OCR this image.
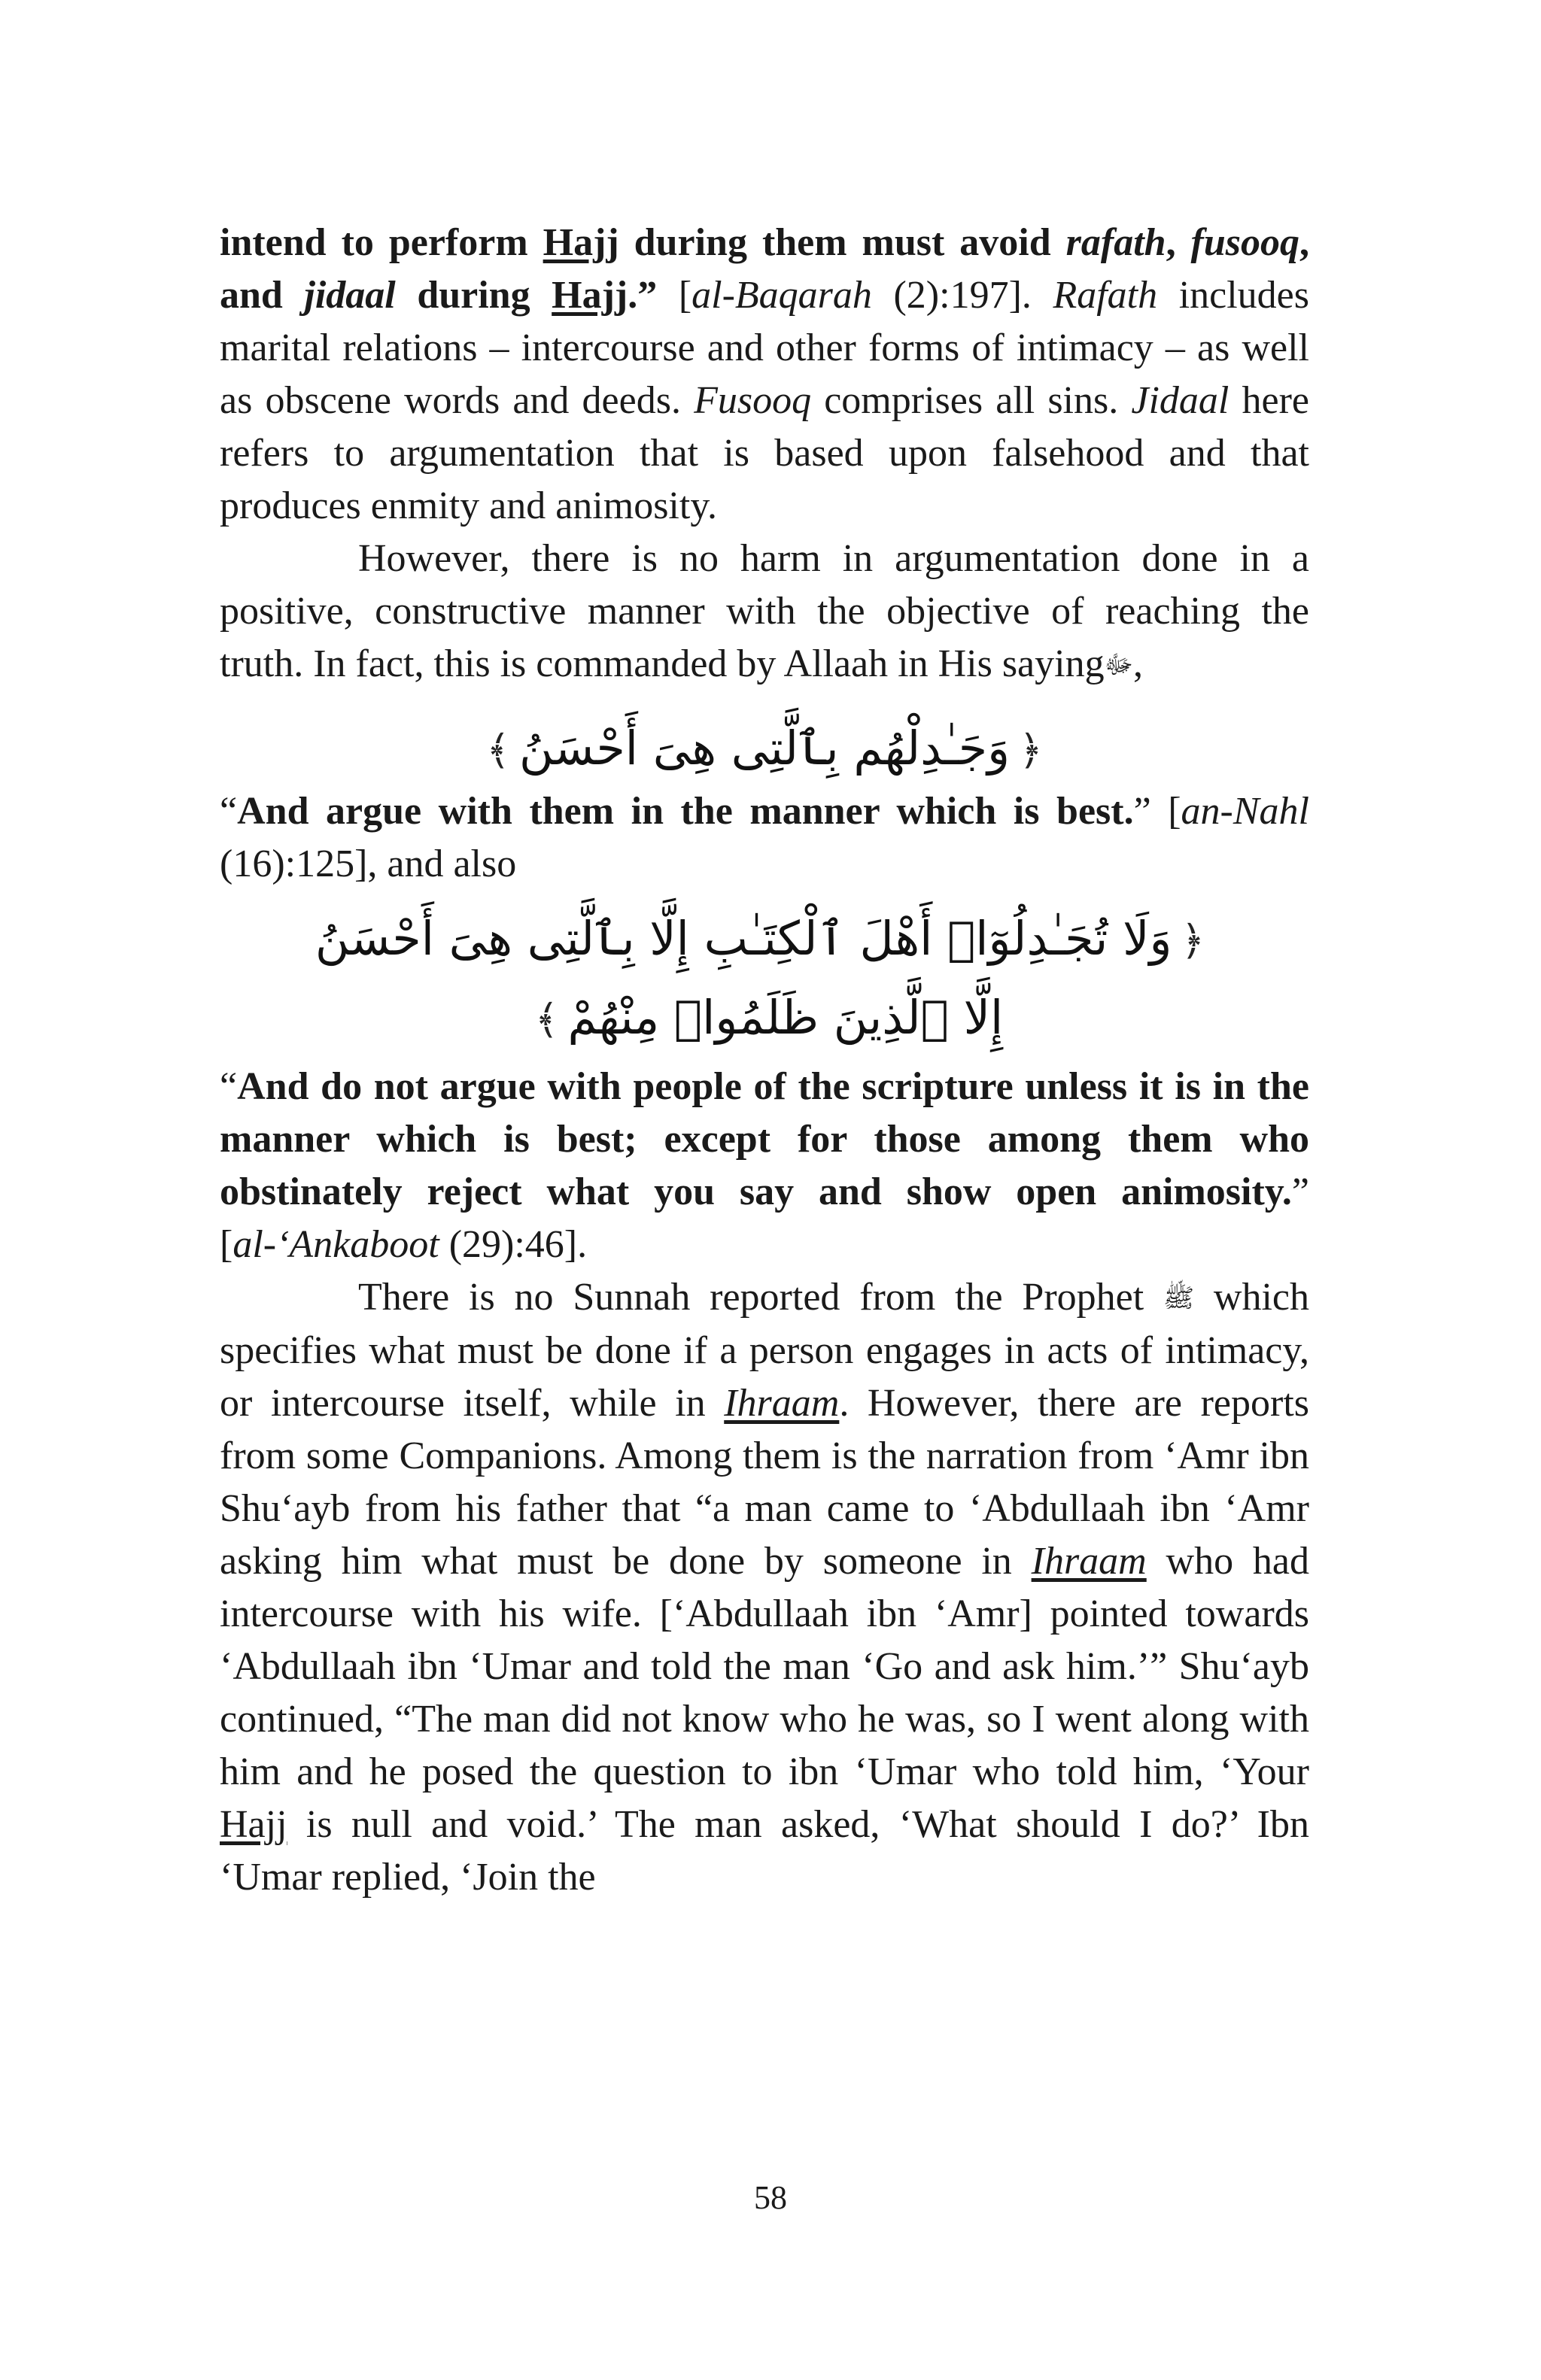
intend to perform Hajj during them must avoid rafath, fusooq, and jidaal during Hajj.” [al-Baqarah (2):197]. Rafath includes marital relations – intercourse and other forms of intimacy – as well as obscene words and deeds. Fusooq comprises all sins. Jidaal here refers to argumentation that is based upon falsehood and that produces enmity and animosity.

However, there is no harm in argumentation done in a positive, constructive manner with the objective of reaching the truth. In fact, this is commanded by Allaah in His sayingﷻ,

﴿وَجَـٰدِلْهُم بِٱلَّتِى هِىَ أَحْسَنُ﴾

“And argue with them in the manner which is best.” [an-Nahl (16):125], and also

﴿وَلَا تُجَـٰدِلُوٓا۟ أَهْلَ ٱلْكِتَـٰبِ إِلَّا بِٱلَّتِى هِىَ أَحْسَنُ
إِلَّا ٱلَّذِينَ ظَلَمُوا۟ مِنْهُمْ﴾

“And do not argue with people of the scripture unless it is in the manner which is best; except for those among them who obstinately reject what you say and show open animosity.” [al-‘Ankaboot (29):46].

There is no Sunnah reported from the Prophet ﷺ which specifies what must be done if a person engages in acts of intimacy, or intercourse itself, while in Ihraam. However, there are reports from some Companions. Among them is the narration from ‘Amr ibn Shu‘ayb from his father that “a man came to ‘Abdullaah ibn ‘Amr asking him what must be done by someone in Ihraam who had intercourse with his wife. [‘Abdullaah ibn ‘Amr] pointed towards ‘Abdullaah ibn ‘Umar and told the man ‘Go and ask him.’” Shu‘ayb continued, “The man did not know who he was, so I went along with him and he posed the question to ibn ‘Umar who told him, ‘Your Hajj is null and void.’ The man asked, ‘What should I do?’ Ibn ‘Umar replied, ‘Join the

58
